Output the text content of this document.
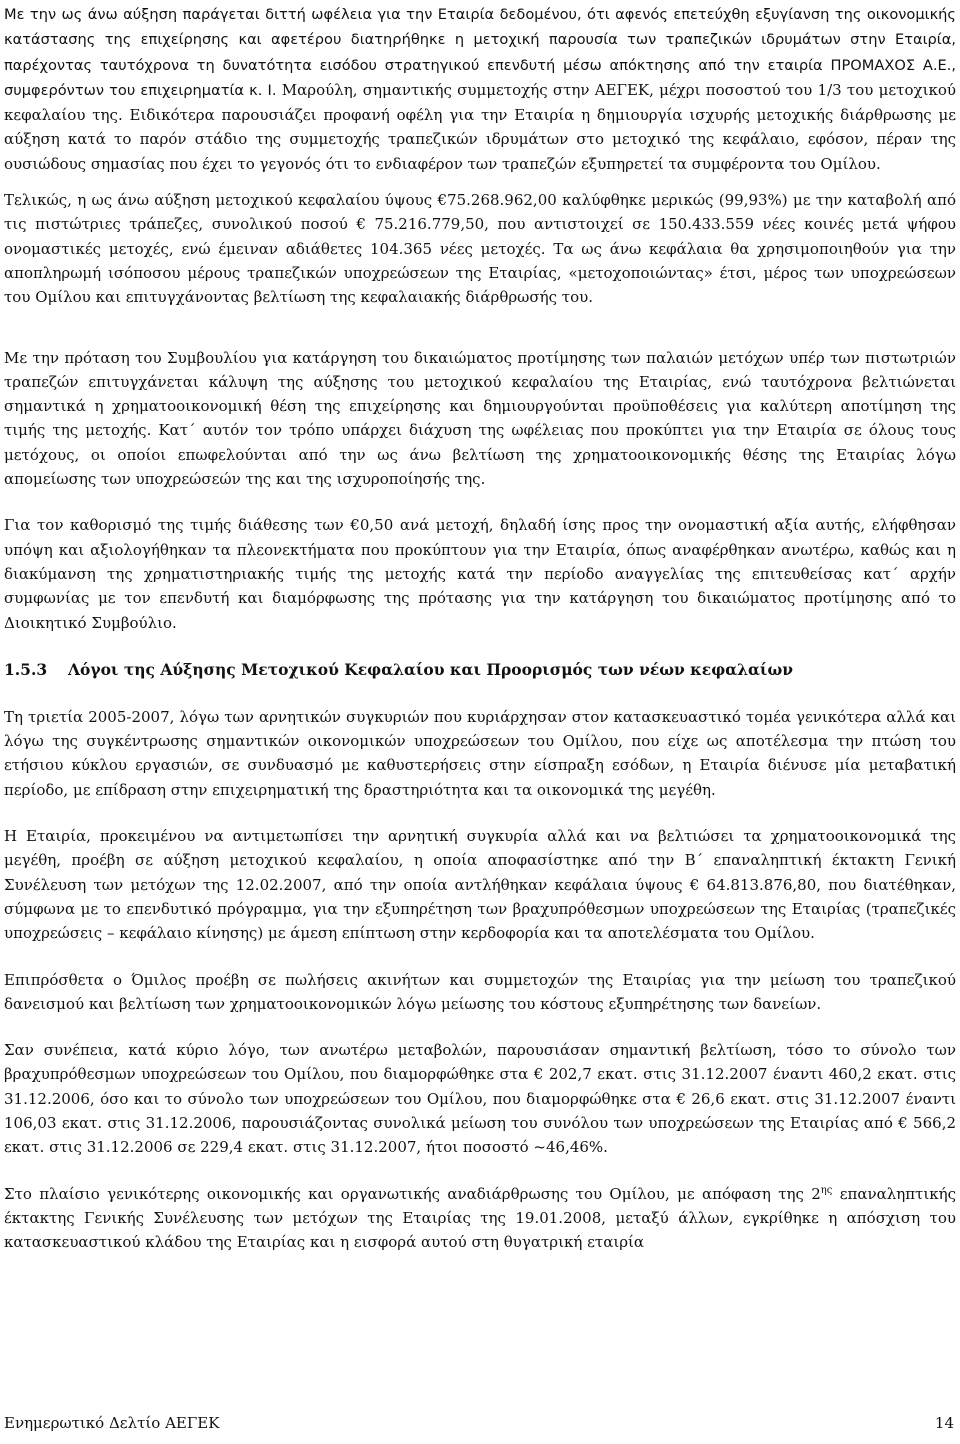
Με την ως άνω αύξηση παράγεται διττή ωφέλεια για την Εταιρία δεδομένου, ότι αφενός επετεύχθη εξυγίανση της οικονομικής κατάστασης της επιχείρησης και αφετέρου διατηρήθηκε η μετοχική παρουσία των τραπεζικών ιδρυμάτων στην Εταιρία, παρέχοντας ταυτόχρονα τη δυνατότητα εισόδου στρατηγικού επενδυτή μέσω απόκτησης από την εταιρία ΠΡΟΜΑΧΟΣ Α.Ε., συμφερόντων του επιχειρηματία κ. Ι. Μαρούλη, σημαντικής συμμετοχής στην ΑΕΓΕΚ, μέχρι ποσοστού του 1/3 του μετοχικού κεφαλαίου της. Ειδικότερα παρουσιάζει προφανή οφέλη για την Εταιρία η δημιουργία ισχυρής μετοχικής διάρθρωσης με αύξηση κατά το παρόν στάδιο της συμμετοχής τραπεζικών ιδρυμάτων στο μετοχικό της κεφάλαιο, εφόσον, πέραν της ουσιώδους σημασίας που έχει το γεγονός ότι το ενδιαφέρον των τραπεζών εξυπηρετεί τα συμφέροντα του Ομίλου.

Τελικώς, η ως άνω αύξηση μετοχικού κεφαλαίου ύψους €75.268.962,00 καλύφθηκε μερικώς (99,93%) με την καταβολή από τις πιστώτριες τράπεζες, συνολικού ποσού € 75.216.779,50, που αντιστοιχεί σε 150.433.559 νέες κοινές μετά ψήφου ονομαστικές μετοχές, ενώ έμειναν αδιάθετες 104.365 νέες μετοχές. Τα ως άνω κεφάλαια θα χρησιμοποιηθούν για την αποπληρωμή ισόποσου μέρους τραπεζικών υποχρεώσεων της Εταιρίας, «μετοχοποιώντας» έτσι, μέρος των υποχρεώσεων του Ομίλου και επιτυγχάνοντας βελτίωση της κεφαλαιακής διάρθρωσής του.

Με την πρόταση του Συμβουλίου για κατάργηση του δικαιώματος προτίμησης των παλαιών μετόχων υπέρ των πιστωτριών τραπεζών επιτυγχάνεται κάλυψη της αύξησης του μετοχικού κεφαλαίου της Εταιρίας, ενώ ταυτόχρονα βελτιώνεται σημαντικά η χρηματοοικονομική θέση της επιχείρησης και δημιουργούνται προϋποθέσεις για καλύτερη αποτίμηση της τιμής της μετοχής. Κατ΄ αυτόν τον τρόπο υπάρχει διάχυση της ωφέλειας που προκύπτει για την Εταιρία σε όλους τους μετόχους, οι οποίοι επωφελούνται από την ως άνω βελτίωση της χρηματοοικονομικής θέσης της Εταιρίας λόγω απομείωσης των υποχρεώσεών της και της ισχυροποίησής της.

Για τον καθορισμό της τιμής διάθεσης των €0,50 ανά μετοχή, δηλαδή ίσης προς την ονομαστική αξία αυτής, ελήφθησαν υπόψη και αξιολογήθηκαν τα πλεονεκτήματα που προκύπτουν για την Εταιρία, όπως αναφέρθηκαν ανωτέρω, καθώς και η διακύμανση της χρηματιστηριακής τιμής της μετοχής κατά την περίοδο αναγγελίας της επιτευθείσας κατ΄ αρχήν συμφωνίας με τον επενδυτή και διαμόρφωσης της πρότασης για την κατάργηση του δικαιώματος προτίμησης από το Διοικητικό Συμβούλιο.

1.5.3	Λόγοι της Αύξησης Μετοχικού Κεφαλαίου και Προορισμός των νέων κεφαλαίων

Τη τριετία 2005-2007, λόγω των αρνητικών συγκυριών που κυριάρχησαν στον κατασκευαστικό τομέα γενικότερα αλλά και λόγω της συγκέντρωσης σημαντικών οικονομικών υποχρεώσεων του Ομίλου, που είχε ως αποτέλεσμα την πτώση του ετήσιου κύκλου εργασιών, σε συνδυασμό με καθυστερήσεις στην είσπραξη εσόδων, η Εταιρία διένυσε μία μεταβατική περίοδο, με επίδραση στην επιχειρηματική της δραστηριότητα και τα οικονομικά της μεγέθη.

Η Εταιρία, προκειμένου να αντιμετωπίσει την αρνητική συγκυρία αλλά και να βελτιώσει τα χρηματοοικονομικά της μεγέθη, προέβη σε αύξηση μετοχικού κεφαλαίου, η οποία αποφασίστηκε από την Β΄ επαναληπτική έκτακτη Γενική Συνέλευση των μετόχων της 12.02.2007, από την οποία αντλήθηκαν κεφάλαια ύψους € 64.813.876,80, που διατέθηκαν, σύμφωνα με το επενδυτικό πρόγραμμα, για την εξυπηρέτηση των βραχυπρόθεσμων υποχρεώσεων της Εταιρίας (τραπεζικές υποχρεώσεις – κεφάλαιο κίνησης) με άμεση επίπτωση στην κερδοφορία και τα αποτελέσματα του Ομίλου.

Επιπρόσθετα ο Όμιλος προέβη σε πωλήσεις ακινήτων και συμμετοχών της Εταιρίας για την μείωση του τραπεζικού δανεισμού και βελτίωση των χρηματοοικονομικών λόγω μείωσης του κόστους εξυπηρέτησης των δανείων.

Σαν συνέπεια, κατά κύριο λόγο, των ανωτέρω μεταβολών, παρουσιάσαν σημαντική βελτίωση, τόσο το σύνολο των βραχυπρόθεσμων υποχρεώσεων του Ομίλου, που διαμορφώθηκε στα € 202,7 εκατ. στις 31.12.2007 έναντι 460,2 εκατ. στις 31.12.2006, όσο και το σύνολο των υποχρεώσεων του Ομίλου, που διαμορφώθηκε στα € 26,6 εκατ. στις 31.12.2007 έναντι 106,03 εκατ. στις 31.12.2006, παρουσιάζοντας συνολικά μείωση του συνόλου των υποχρεώσεων της Εταιρίας από € 566,2 εκατ. στις 31.12.2006 σε 229,4 εκατ. στις 31.12.2007, ήτοι ποσοστό ~46,46%.

Στο πλαίσιο γενικότερης οικονομικής και οργανωτικής αναδιάρθρωσης του Ομίλου, με απόφαση της $2^{\eta\varsigma}$ επαναληπτικής έκτακτης Γενικής Συνέλευσης των μετόχων της Εταιρίας της 19.01.2008, μεταξύ άλλων, εγκρίθηκε η απόσχιση του κατασκευαστικού κλάδου της Εταιρίας και η εισφορά αυτού στη θυγατρική εταιρία

Ενημερωτικό Δελτίο ΑΕΓΕΚ	14
